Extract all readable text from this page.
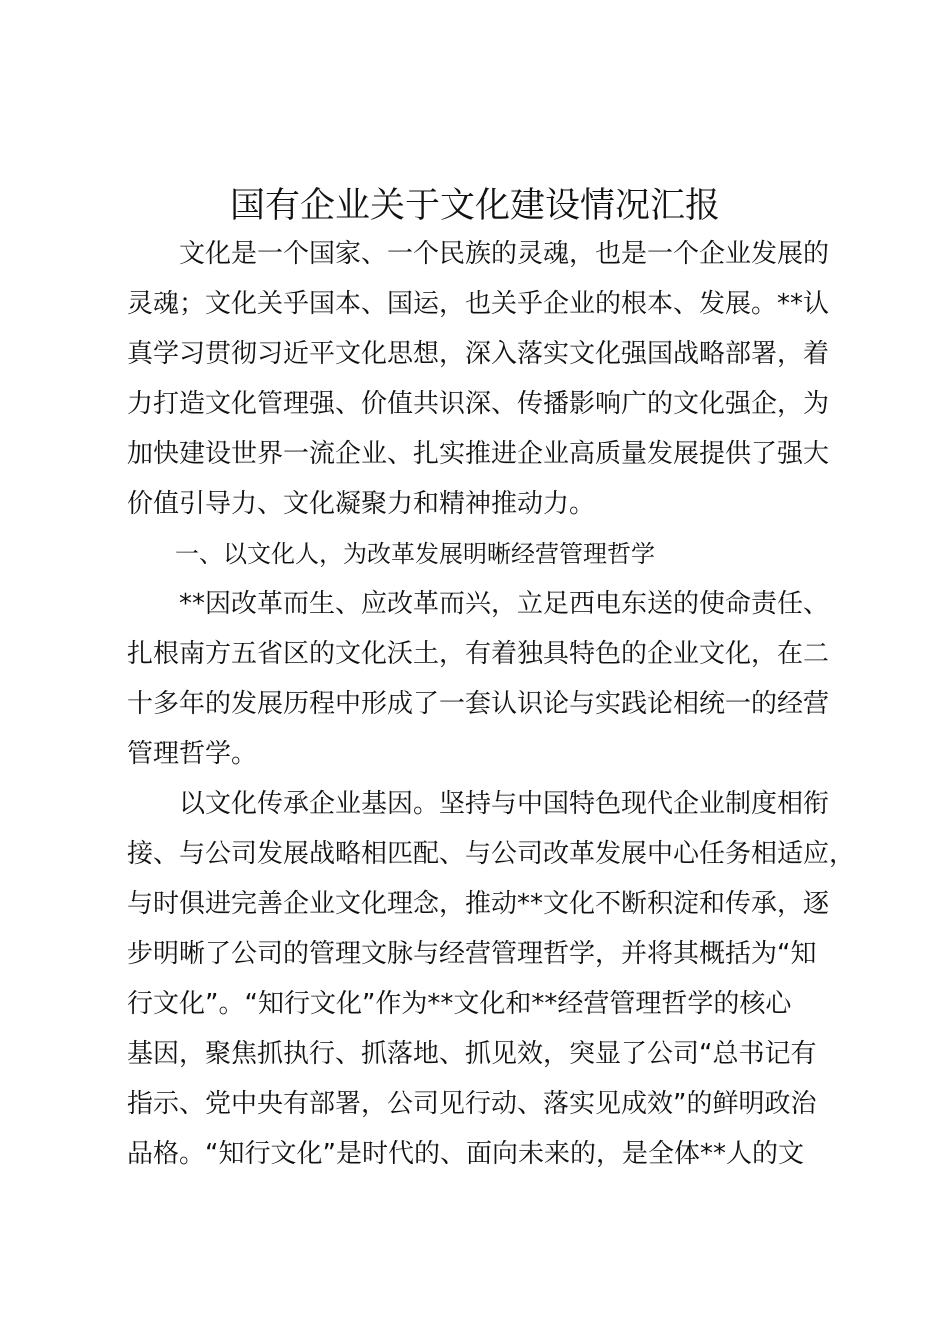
国有企业关于文化建设情况汇报

　　文化是一个国家、一个民族的灵魂，也是一个企业发展的

灵魂；文化关乎国本、国运，也关乎企业的根本、发展。**认

真学习贯彻习近平文化思想，深入落实文化强国战略部署，着

力打造文化管理强、价值共识深、传播影响广的文化强企，为

加快建设世界一流企业、扎实推进企业高质量发展提供了强大

价值引导力、文化凝聚力和精神推动力。

　　一、以文化人，为改革发展明晰经营管理哲学

　　**因改革而生、应改革而兴，立足西电东送的使命责任、

扎根南方五省区的文化沃土，有着独具特色的企业文化，在二

十多年的发展历程中形成了一套认识论与实践论相统一的经营

管理哲学。

　　以文化传承企业基因。坚持与中国特色现代企业制度相衔

接、与公司发展战略相匹配、与公司改革发展中心任务相适应，

与时俱进完善企业文化理念，推动**文化不断积淀和传承，逐

步明晰了公司的管理文脉与经营管理哲学，并将其概括为“知

行文化”。“知行文化”作为**文化和**经营管理哲学的核心

基因，聚焦抓执行、抓落地、抓见效，突显了公司“总书记有

指示、党中央有部署，公司见行动、落实见成效”的鲜明政治

品格。“知行文化”是时代的、面向未来的，是全体**人的文
